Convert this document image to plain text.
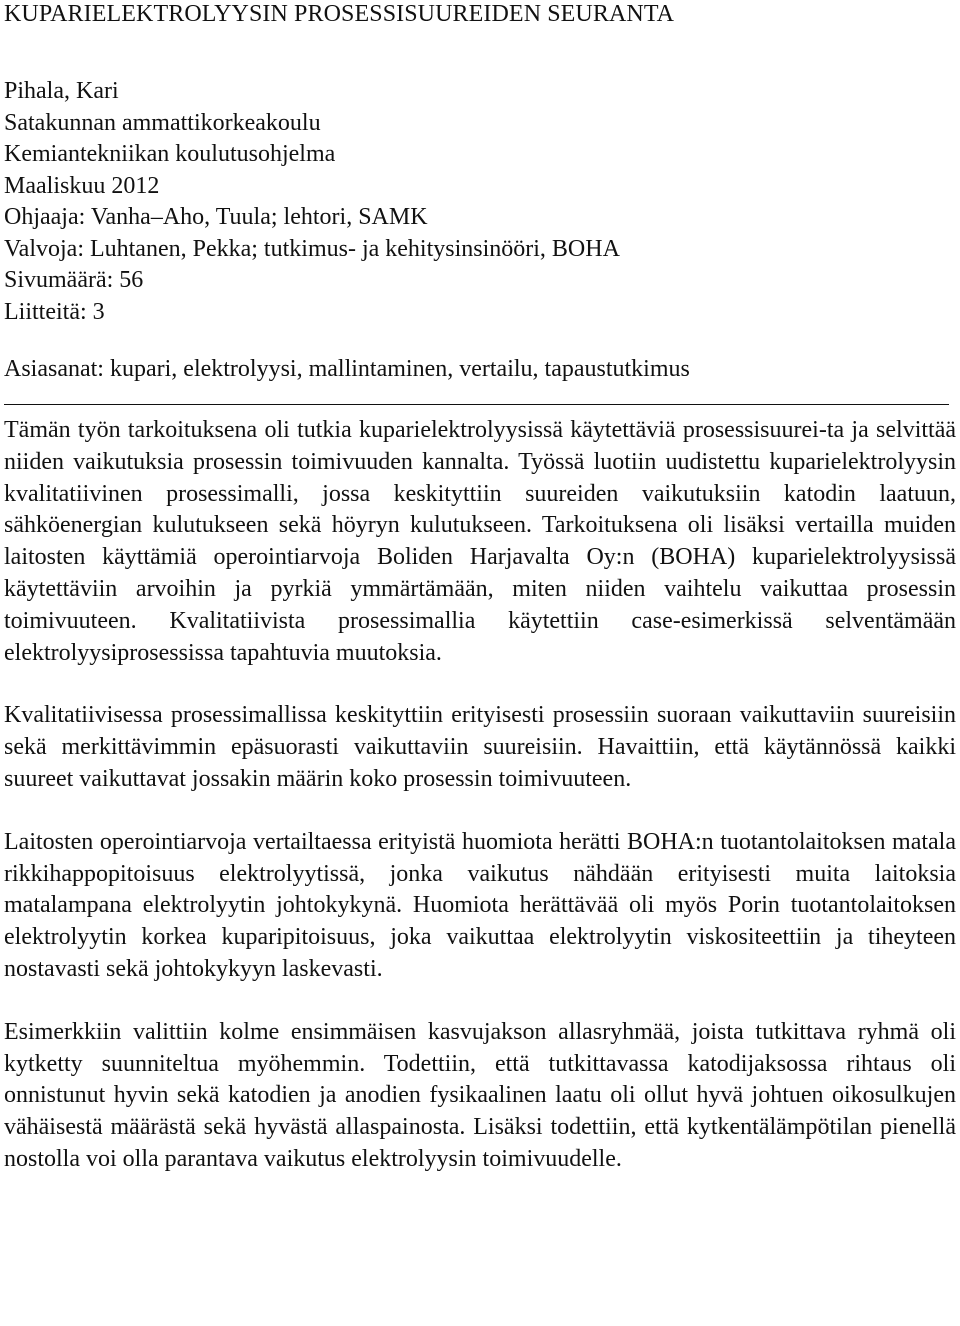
KUPARIELEKTROLYYSIN PROSESSISUUREIDEN SEURANTA
Pihala, Kari
Satakunnan ammattikorkeakoulu
Kemiantekniikan koulutusohjelma
Maaliskuu 2012
Ohjaaja: Vanha–Aho, Tuula; lehtori, SAMK
Valvoja: Luhtanen, Pekka; tutkimus- ja kehitysinsinööri, BOHA
Sivumäärä: 56
Liitteitä: 3
Asiasanat: kupari, elektrolyysi, mallintaminen, vertailu, tapaustutkimus

Tämän työn tarkoituksena oli tutkia kuparielektrolyysissä käytettäviä prosessisuurei-ta ja selvittää niiden vaikutuksia prosessin toimivuuden kannalta. Työssä luotiin uudistettu kuparielektrolyysin kvalitatiivinen prosessimalli, jossa keskityttiin suureiden vaikutuksiin katodin laatuun, sähköenergian kulutukseen sekä höyryn kulutukseen. Tarkoituksena oli lisäksi vertailla muiden laitosten käyttämiä operointiarvoja Boliden Harjavalta Oy:n (BOHA) kuparielektrolyysissä käytettäviin arvoihin ja pyrkiä ymmärtämään, miten niiden vaihtelu vaikuttaa prosessin toimivuuteen. Kvalitatiivista prosessimallia käytettiin case-esimerkissä selventämään elektrolyysiprosessissa tapahtuvia muutoksia.

Kvalitatiivisessa prosessimallissa keskityttiin erityisesti prosessiin suoraan vaikuttaviin suureisiin sekä merkittävimmin epäsuorasti vaikuttaviin suureisiin. Havaittiin, että käytännössä kaikki suureet vaikuttavat jossakin määrin koko prosessin toimivuuteen.

Laitosten operointiarvoja vertailtaessa erityistä huomiota herätti BOHA:n tuotantolaitoksen matala rikkihappopitoisuus elektrolyytissä, jonka vaikutus nähdään erityisesti muita laitoksia matalampana elektrolyytin johtokykynä. Huomiota herättävää oli myös Porin tuotantolaitoksen elektrolyytin korkea kuparipitoisuus, joka vaikuttaa elektrolyytin viskositeettiin ja tiheyteen nostavasti sekä johtokykyyn laskevasti.

Esimerkkiin valittiin kolme ensimmäisen kasvujakson allasryhmää, joista tutkittava ryhmä oli kytketty suunniteltua myöhemmin. Todettiin, että tutkittavassa katodijaksossa rihtaus oli onnistunut hyvin sekä katodien ja anodien fysikaalinen laatu oli ollut hyvä johtuen oikosulkujen vähäisestä määrästä sekä hyvästä allaspainosta. Lisäksi todettiin, että kytkentälämpötilan pienellä nostolla voi olla parantava vaikutus elektrolyysin toimivuudelle.
